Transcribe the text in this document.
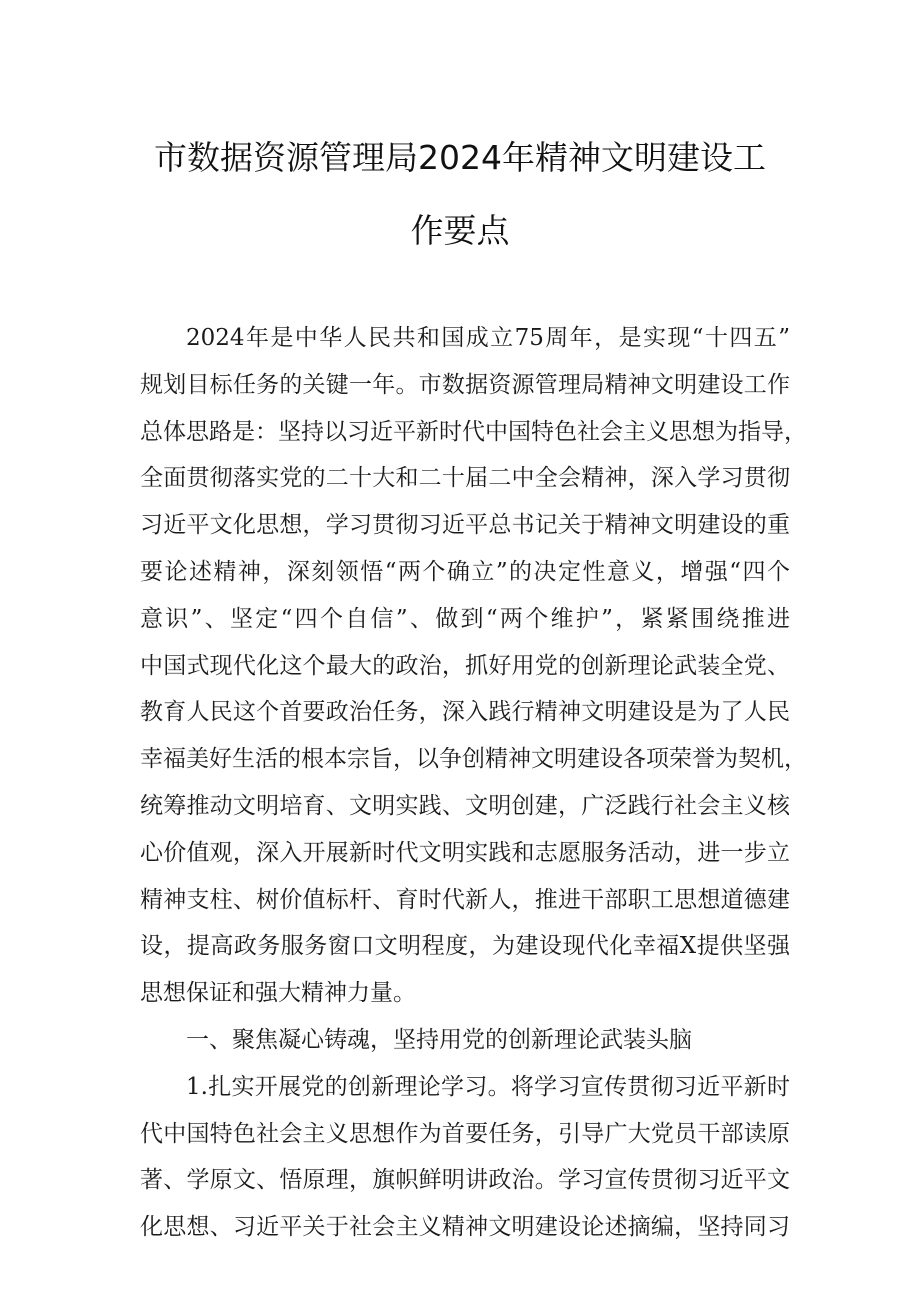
市数据资源管理局2024年精神文明建设工
作要点
2024年是中华人民共和国成立75周年，是实现“十四五”
规划目标任务的关键一年。市数据资源管理局精神文明建设工作
总体思路是：坚持以习近平新时代中国特色社会主义思想为指导，
全面贯彻落实党的二十大和二十届二中全会精神，深入学习贯彻
习近平文化思想，学习贯彻习近平总书记关于精神文明建设的重
要论述精神，深刻领悟“两个确立”的决定性意义，增强“四个
意识”、坚定“四个自信”、做到“两个维护”，紧紧围绕推进
中国式现代化这个最大的政治，抓好用党的创新理论武装全党、
教育人民这个首要政治任务，深入践行精神文明建设是为了人民
幸福美好生活的根本宗旨，以争创精神文明建设各项荣誉为契机，
统筹推动文明培育、文明实践、文明创建，广泛践行社会主义核
心价值观，深入开展新时代文明实践和志愿服务活动，进一步立
精神支柱、树价值标杆、育时代新人，推进干部职工思想道德建
设，提高政务服务窗口文明程度，为建设现代化幸福X提供坚强
思想保证和强大精神力量。
一、聚焦凝心铸魂，坚持用党的创新理论武装头脑
1.扎实开展党的创新理论学习。将学习宣传贯彻习近平新时
代中国特色社会主义思想作为首要任务，引导广大党员干部读原
著、学原文、悟原理，旗帜鲜明讲政治。学习宣传贯彻习近平文
化思想、习近平关于社会主义精神文明建设论述摘编，坚持同习
